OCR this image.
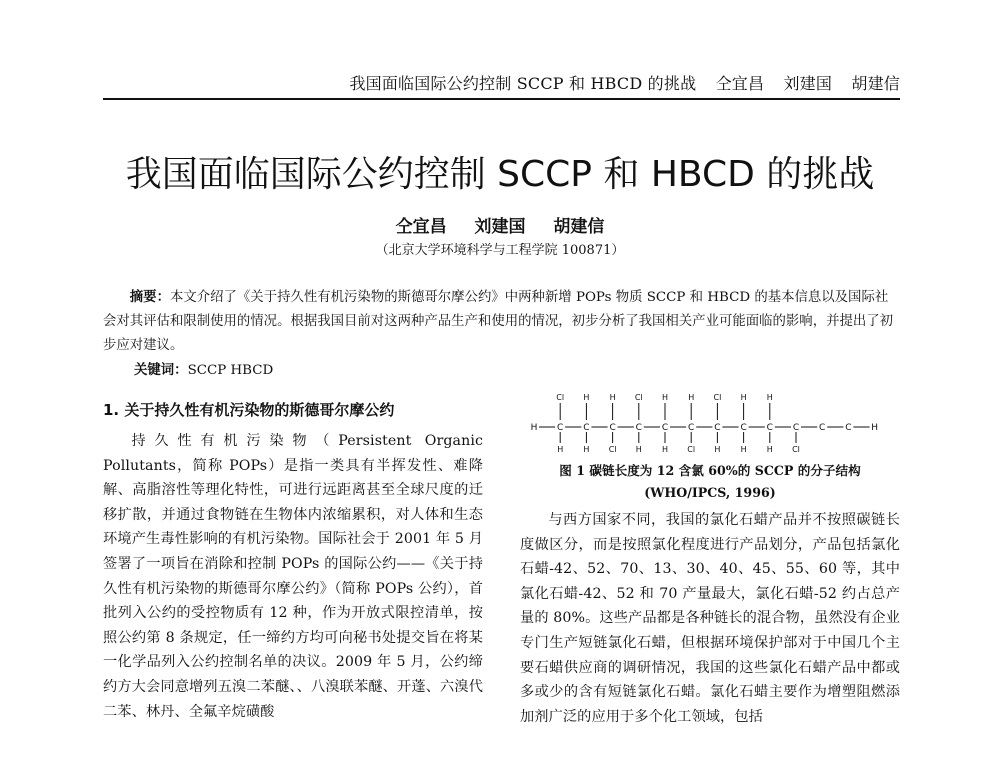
我国面临国际公约控制 SCCP 和 HBCD 的挑战 仝宜昌 刘建国 胡建信
我国面临国际公约控制 SCCP 和 HBCD 的挑战
仝宜昌 刘建国 胡建信
（北京大学环境科学与工程学院 100871）
摘要：本文介绍了《关于持久性有机污染物的斯德哥尔摩公约》中两种新增 POPs 物质 SCCP 和 HBCD 的基本信息以及国际社会对其评估和限制使用的情况。根据我国目前对这两种产品生产和使用的情况，初步分析了我国相关产业可能面临的影响，并提出了初步应对建议。
关键词：SCCP HBCD
1. 关于持久性有机污染物的斯德哥尔摩公约

持久性有机污染物（Persistent Organic Pollutants，简称 POPs）是指一类具有半挥发性、难降解、高脂溶性等理化特性，可进行远距离甚至全球尺度的迁移扩散，并通过食物链在生物体内浓缩累积，对人体和生态环境产生毒性影响的有机污染物。国际社会于 2001 年 5 月签署了一项旨在消除和控制 POPs 的国际公约——《关于持久性有机污染物的斯德哥尔摩公约》（简称 POPs 公约），首批列入公约的受控物质有 12 种，作为开放式限控清单，按照公约第 8 条规定，任一缔约方均可向秘书处提交旨在将某一化学品列入公约控制名单的决议。2009 年 5 月，公约缔约方大会同意增列五溴二苯醚、、八溴联苯醚、开蓬、六溴代二苯、林丹、全氟辛烷磺酸

H C C C C C C C C C C C C H
Cl H	H Cl H	H Cl H	H
H	H Cl H	H Cl H	H	H Cl

图 1 碳链长度为 12 含氯 60%的 SCCP 的分子结构

(WHO/IPCS, 1996)

与西方国家不同，我国的氯化石蜡产品并不按照碳链长度做区分，而是按照氯化程度进行产品划分，产品包括氯化石蜡-42、52、70、13、30、40、45、55、60 等，其中氯化石蜡-42、52 和 70 产量最大，氯化石蜡-52 约占总产量的 80%。这些产品都是各种链长的混合物，虽然没有企业专门生产短链氯化石蜡，但根据环境保护部对于中国几个主要石蜡供应商的调研情况，我国的这些氯化石蜡产品中都或多或少的含有短链氯化石蜡。氯化石蜡主要作为增塑阻燃添加剂广泛的应用于多个化工领域，包括
